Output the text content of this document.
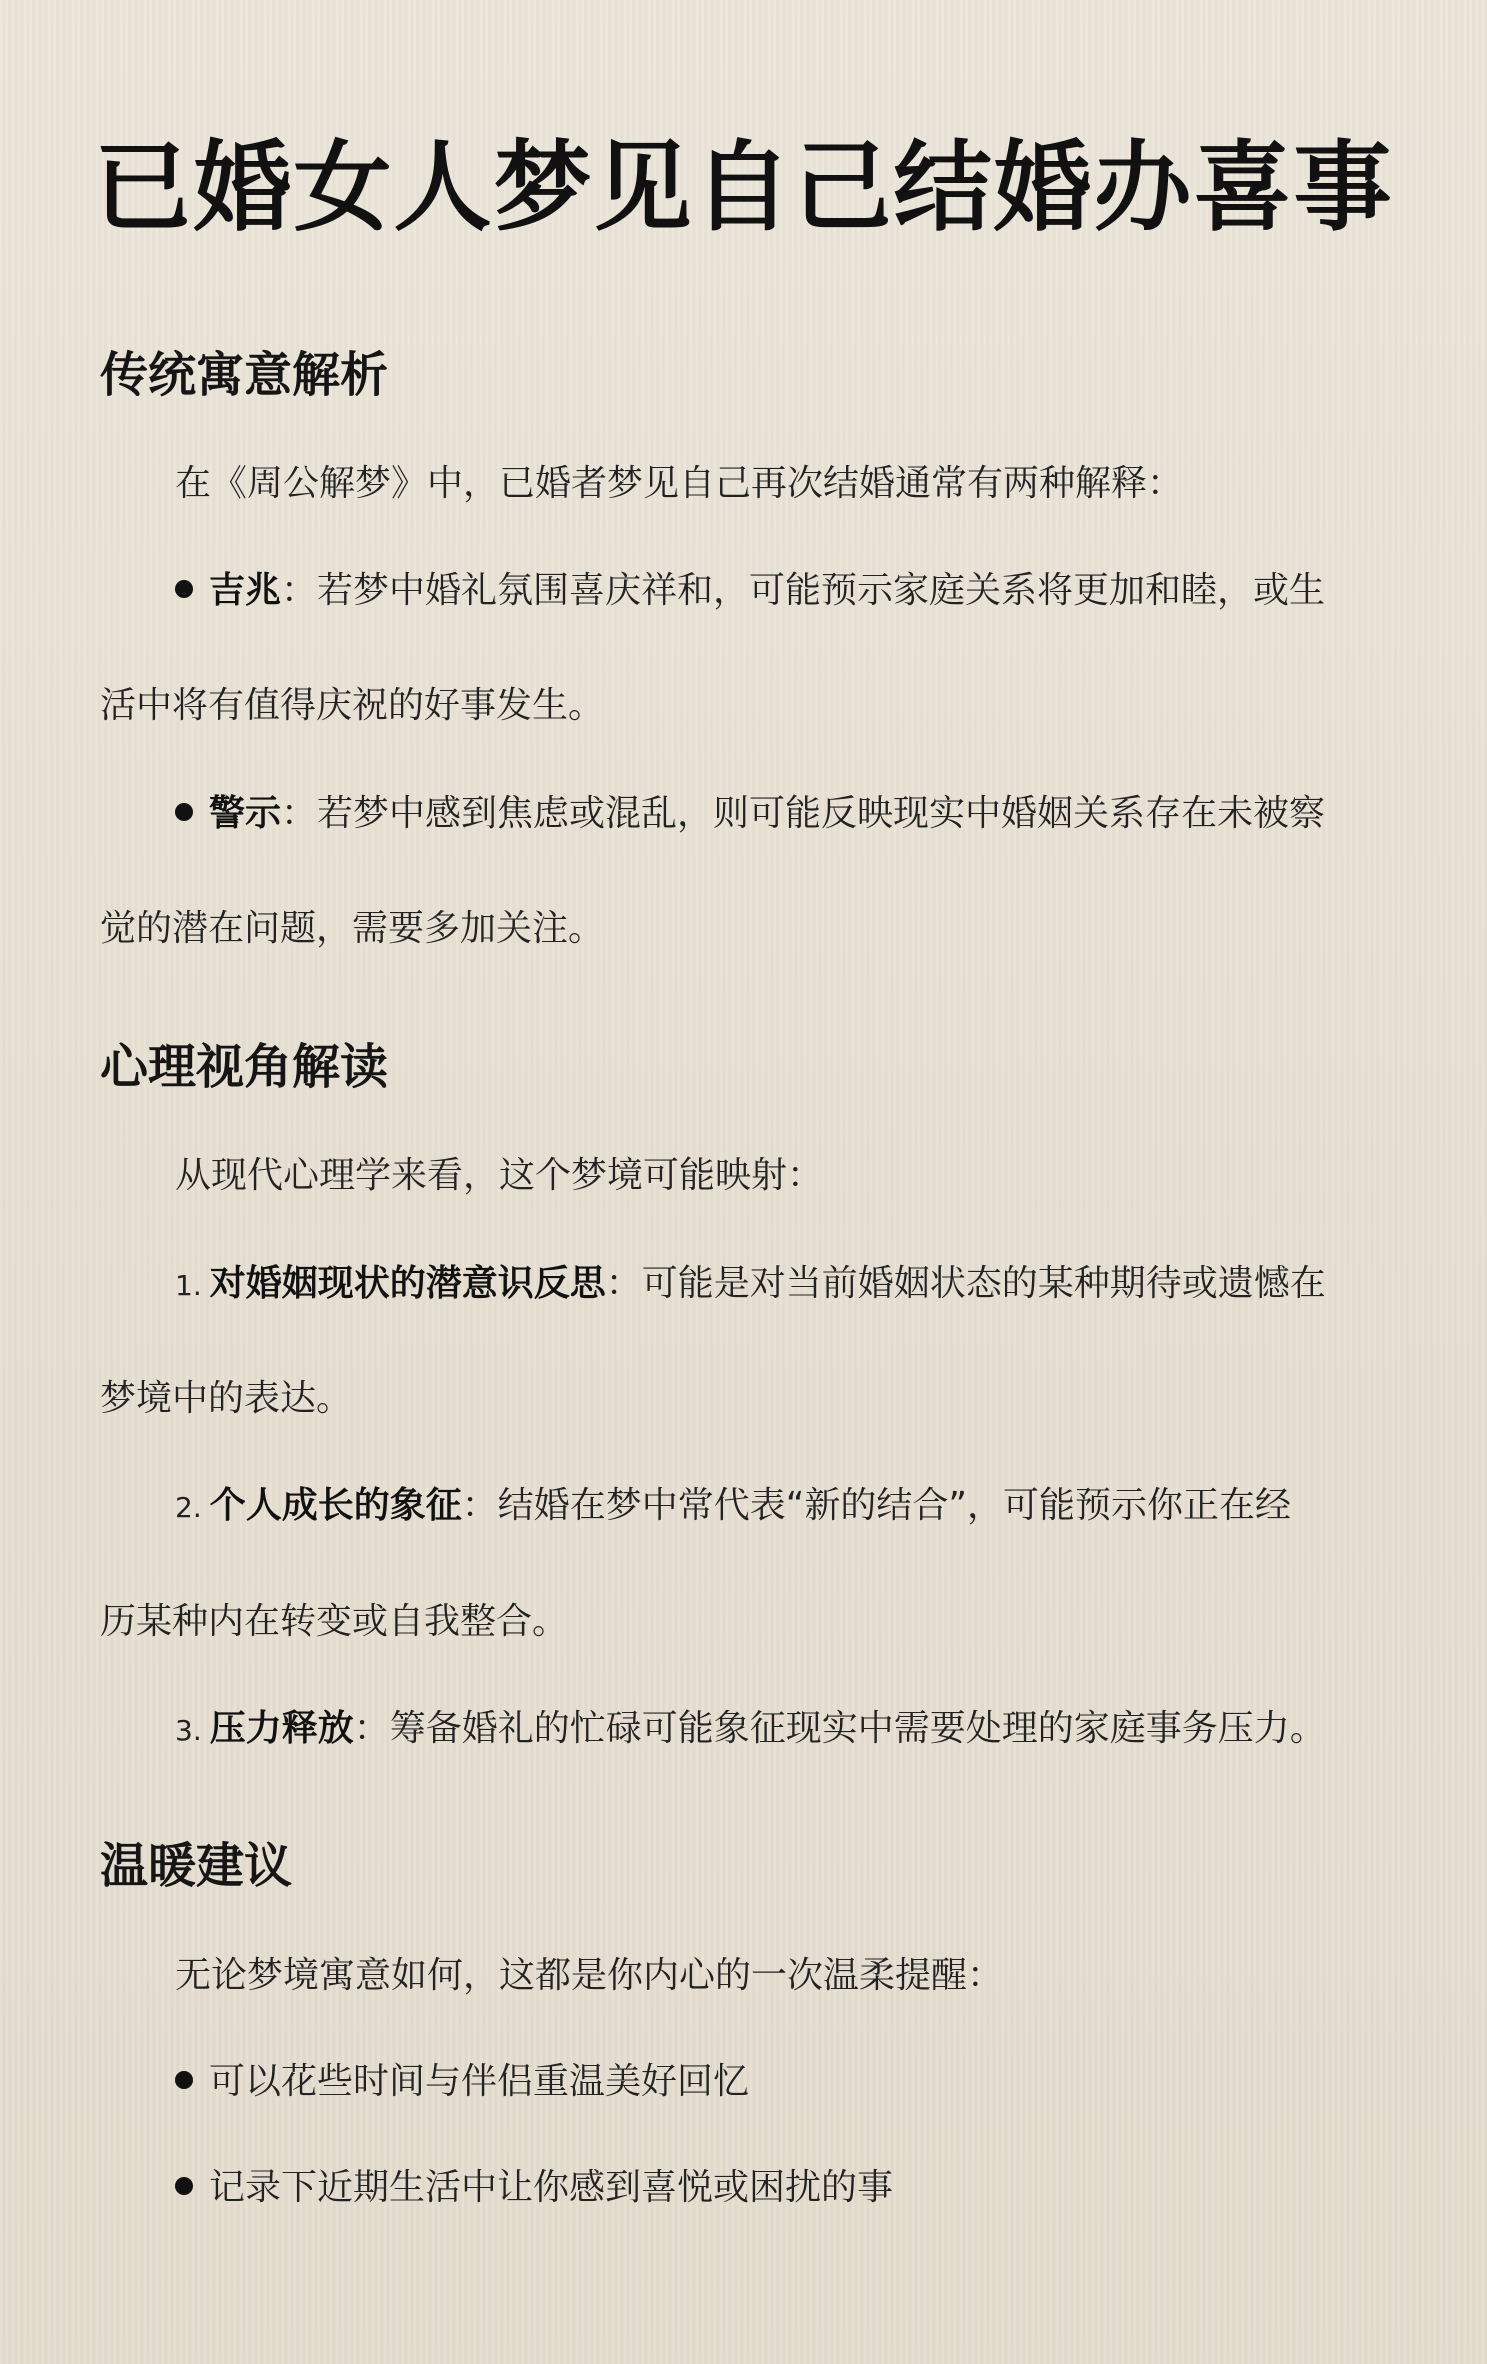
已婚女人梦见自己结婚办喜事
传统寓意解析
在《周公解梦》中，已婚者梦见自己再次结婚通常有两种解释：
吉兆：若梦中婚礼氛围喜庆祥和，可能预示家庭关系将更加和睦，或生
活中将有值得庆祝的好事发生。
警示：若梦中感到焦虑或混乱，则可能反映现实中婚姻关系存在未被察
觉的潜在问题，需要多加关注。
心理视角解读
从现代心理学来看，这个梦境可能映射：
1. 对婚姻现状的潜意识反思：可能是对当前婚姻状态的某种期待或遗憾在
梦境中的表达。
2. 个人成长的象征：结婚在梦中常代表“新的结合”，可能预示你正在经
历某种内在转变或自我整合。
3. 压力释放：筹备婚礼的忙碌可能象征现实中需要处理的家庭事务压力。
温暖建议
无论梦境寓意如何，这都是你内心的一次温柔提醒：
可以花些时间与伴侣重温美好回忆
记录下近期生活中让你感到喜悦或困扰的事
